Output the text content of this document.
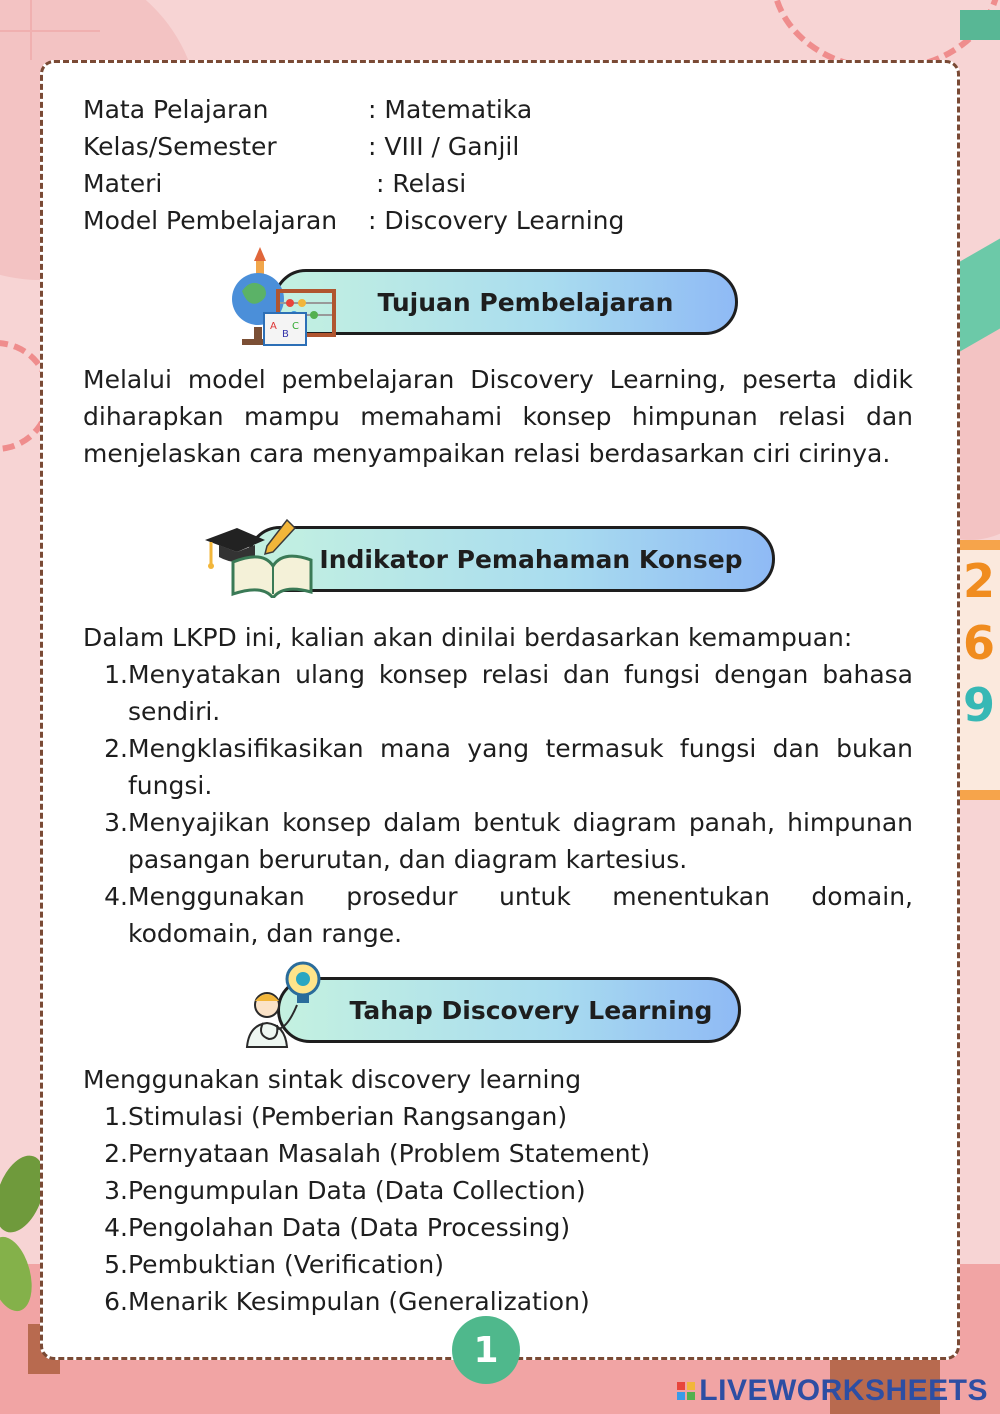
2
6
9
Mata Pelajaran	: Matematika
Kelas/Semester	: VIII / Ganjil
Materi	: Relasi
Model Pembelajaran	: Discovery Learning
Tujuan Pembelajaran
A
B
C
Melalui model pembelajaran Discovery Learning, peserta didik diharapkan mampu memahami konsep himpunan relasi dan menjelaskan cara menyampaikan relasi berdasarkan ciri cirinya.
Indikator Pemahaman Konsep
Dalam LKPD ini, kalian akan dinilai berdasarkan kemampuan:
1. Menyatakan ulang konsep relasi dan fungsi dengan bahasa sendiri.
2. Mengklasifikasikan mana yang termasuk fungsi dan bukan fungsi.
3. Menyajikan konsep dalam bentuk diagram panah, himpunan pasangan berurutan, dan diagram kartesius.
4. Menggunakan prosedur untuk menentukan domain, kodomain, dan range.
Tahap Discovery Learning
Menggunakan sintak discovery learning
1. Stimulasi (Pemberian Rangsangan)
2. Pernyataan Masalah (Problem Statement)
3. Pengumpulan Data (Data Collection)
4. Pengolahan Data (Data Processing)
5. Pembuktian (Verification)
6. Menarik Kesimpulan (Generalization)
1
LIVEWORKSHEETS
